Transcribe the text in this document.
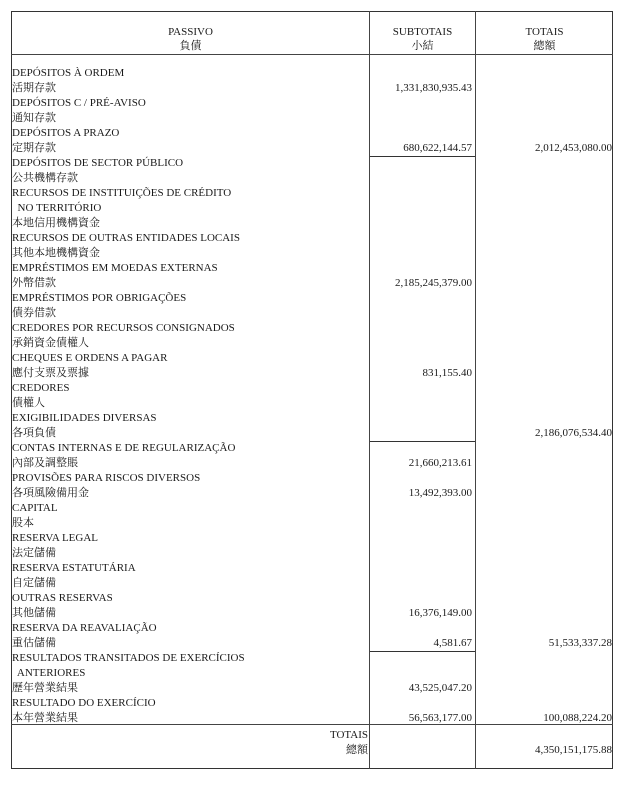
PASSIVO
負債
SUBTOTAIS
小結
TOTAIS
總額
DEPÓSITOS À ORDEM
活期存款
DEPÓSITOS C / PRÉ-AVISO
通知存款
DEPÓSITOS A PRAZO
定期存款
DEPÓSITOS DE SECTOR PÚBLICO
公共機構存款
RECURSOS DE INSTITUIÇÕES DE CRÉDITO
NO TERRITÓRIO
本地信用機構資金
RECURSOS DE OUTRAS ENTIDADES LOCAIS
其他本地機構資金
EMPRÉSTIMOS EM MOEDAS EXTERNAS
外幣借款
EMPRÉSTIMOS POR OBRIGAÇÕES
債券借款
CREDORES POR RECURSOS CONSIGNADOS
承銷資金債權人
CHEQUES E ORDENS A PAGAR
應付支票及票據
CREDORES
債權人
EXIGIBILIDADES DIVERSAS
各項負債
CONTAS INTERNAS E DE REGULARIZAÇÃO
內部及調整賬
PROVISÕES PARA RISCOS DIVERSOS
各項風險備用金
CAPITAL
股本
RESERVA LEGAL
法定儲備
RESERVA ESTATUTÁRIA
自定儲備
OUTRAS RESERVAS
其他儲備
RESERVA DA REAVALIAÇÃO
重估儲備
RESULTADOS TRANSITADOS DE EXERCÍCIOS
ANTERIORES
歷年營業結果
RESULTADO DO EXERCÍCIO
本年營業結果
1,331,830,935.43
680,622,144.57
2,185,245,379.00
831,155.40
21,660,213.61
13,492,393.00
16,376,149.00
4,581.67
43,525,047.20
56,563,177.00
2,012,453,080.00
2,186,076,534.40
51,533,337.28
100,088,224.20
TOTAIS
總額	4,350,151,175.88
